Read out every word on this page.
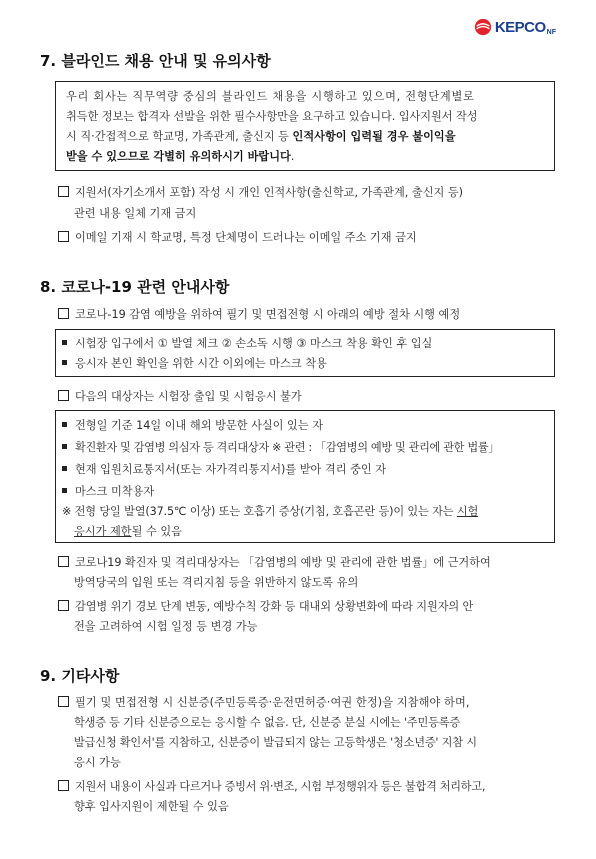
KEPCO NF
7. 블라인드 채용 안내 및 유의사항
우리 회사는 직무역량 중심의 블라인드 채용을 시행하고 있으며, 전형단계별로
취득한 정보는 합격자 선발을 위한 필수사항만을 요구하고 있습니다. 입사지원서 작성
시 직·간접적으로 학교명, 가족관계, 출신지 등 인적사항이 입력될 경우 불이익을
받을 수 있으므로 각별히 유의하시기 바랍니다.
지원서(자기소개서 포함) 작성 시 개인 인적사항(출신학교, 가족관계, 출신지 등)
관련 내용 일체 기재 금지
이메일 기재 시 학교명, 특정 단체명이 드러나는 이메일 주소 기재 금지
8. 코로나-19 관련 안내사항
코로나-19 감염 예방을 위하여 필기 및 면접전형 시 아래의 예방 절차 시행 예정
시험장 입구에서 ① 발열 체크 ② 손소독 시행 ③ 마스크 착용 확인 후 입실
응시자 본인 확인을 위한 시간 이외에는 마스크 착용
다음의 대상자는 시험장 출입 및 시험응시 불가
전형일 기준 14일 이내 해외 방문한 사실이 있는 자
확진환자 및 감염병 의심자 등 격리대상자 ※ 관련 : 「감염병의 예방 및 관리에 관한 법률」
현재 입원치료통지서(또는 자가격리통지서)를 받아 격리 중인 자
마스크 미착용자
※ 전형 당일 발열(37.5℃ 이상) 또는 호흡기 증상(기침, 호흡곤란 등)이 있는 자는 시험
응시가 제한될 수 있음
코로나19 확진자 및 격리대상자는 「감염병의 예방 및 관리에 관한 법률」에 근거하여
방역당국의 입원 또는 격리지침 등을 위반하지 않도록 유의
감염병 위기 경보 단계 변동, 예방수칙 강화 등 대내외 상황변화에 따라 지원자의 안
전을 고려하여 시험 일정 등 변경 가능
9. 기타사항
필기 및 면접전형 시 신분증(주민등록증·운전면허증·여권 한정)을 지참해야 하며,
학생증 등 기타 신분증으로는 응시할 수 없음. 단, 신분증 분실 시에는 '주민등록증
발급신청 확인서'를 지참하고, 신분증이 발급되지 않는 고등학생은 '청소년증' 지참 시
응시 가능
지원서 내용이 사실과 다르거나 증빙서 위·변조, 시험 부정행위자 등은 불합격 처리하고,
향후 입사지원이 제한될 수 있음
